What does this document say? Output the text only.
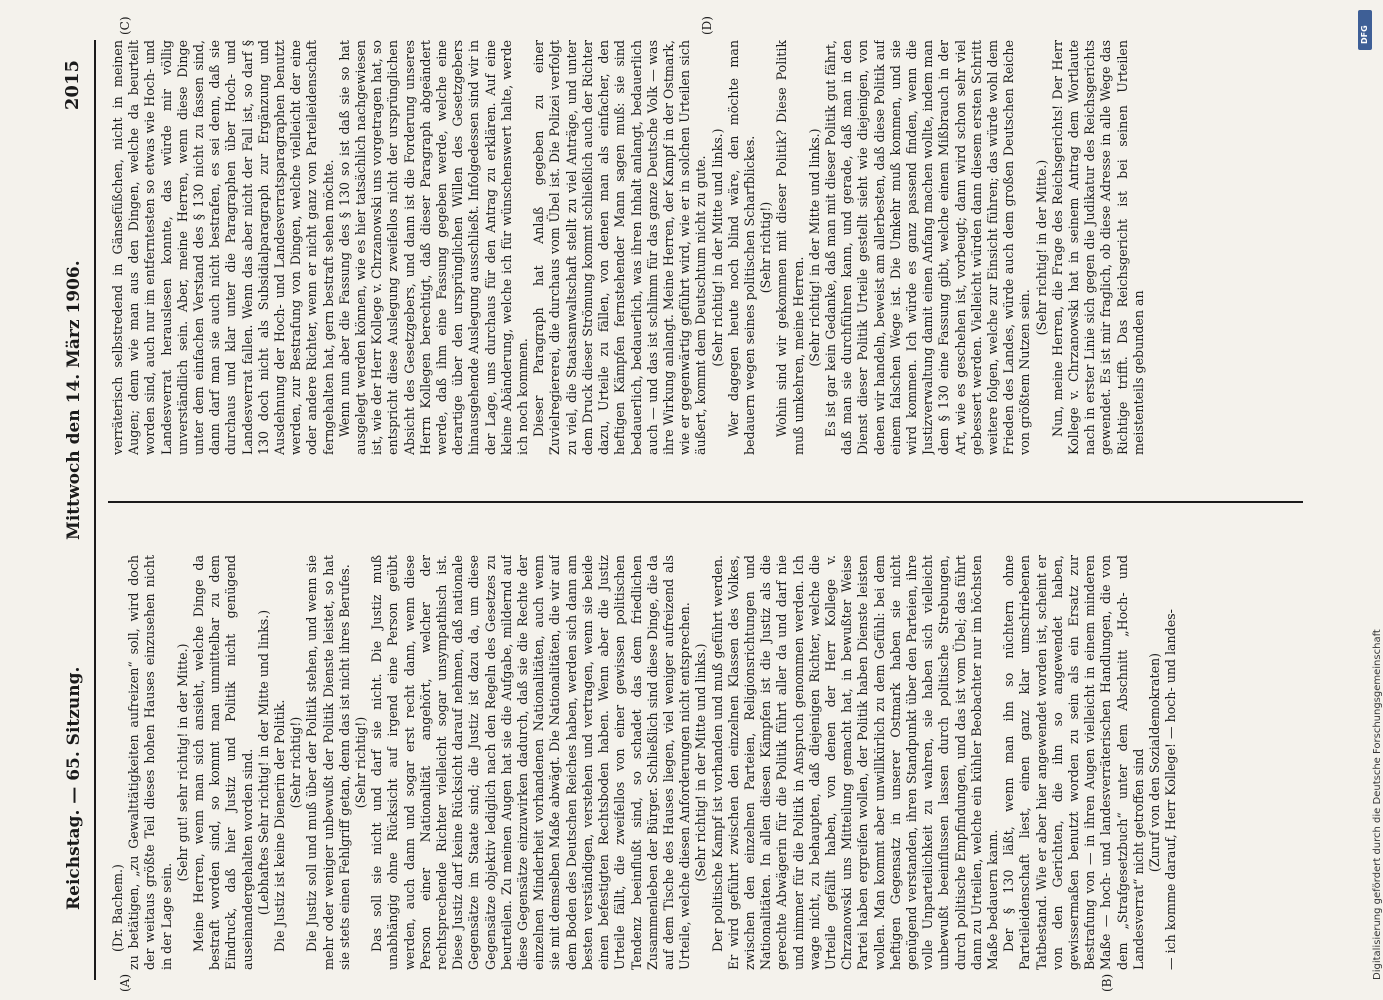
Reichstag. — 65. Sitzung.
Mittwoch den 14. März 1906.
2015
(A)	(B)
(C)	(D)

(Dr. Bachem.) zu betätigen, „zu Gewalttätigkeiten aufreizen“ soll, wird doch der weitaus größte Teil dieses hohen Hauses einzusehen nicht in der Lage sein.

(Sehr gut! sehr richtig! in der Mitte.) Meine Herren, wenn man sich ansieht, welche Dinge da bestraft worden sind, so kommt man unmittelbar zu dem Eindruck, daß hier Justiz und Politik nicht genügend auseinandergehalten worden sind. (Lebhaftes Sehr richtig! in der Mitte und links.) Die Justiz ist keine Dienerin der Politik. (Sehr richtig!) Die Justiz soll und muß über der Politik stehen, und wenn sie mehr oder weniger unbewußt der Politik Dienste leistet, so hat sie stets einen Fehlgriff getan, denn das ist nicht ihres Berufes. (Sehr richtig!) Das soll sie nicht und darf sie nicht. Die Justiz muß unabhängig ohne Rücksicht auf irgend eine Person geübt werden, auch dann und sogar erst recht dann, wenn diese Person einer Nationalität angehört, welcher der rechtsprechende Richter vielleicht sogar unsympathisch ist. Diese Justiz darf keine Rücksicht darauf nehmen, daß nationale Gegensätze im Staate sind; die Justiz ist dazu da, um diese Gegensätze objektiv lediglich nach den Regeln des Gesetzes zu beurteilen. Zu meinen Augen hat sie die Aufgabe, mildernd auf diese Gegensätze einzuwirken dadurch, daß sie die Rechte der einzelnen Minderheit vorhandenen Nationalitäten, auch wenn sie mit demselben Maße abwägt. Die Nationalitäten, die wir auf dem Boden des Deutschen Reiches haben, werden sich dann am besten verständigen, verstehen und vertragen, wenn sie beide einen befestigten Rechtsboden haben. Wenn aber die Justiz Urteile fällt, die zweifellos von einer gewissen politischen Tendenz beeinflußt sind, so schadet das dem friedlichen Zusammenleben der Bürger. Schließlich sind diese Dinge, die da auf dem Tische des Hauses liegen, viel weniger aufreizend als Urteile, welche diesen Anforderungen nicht entsprechen. (Sehr richtig! in der Mitte und links.) Der politische Kampf ist vorhanden und muß geführt werden. Er wird geführt zwischen den einzelnen Klassen des Volkes, zwischen den einzelnen Parteien, Religionsrichtungen und Nationalitäten. In allen diesen Kämpfen ist die Justiz als die gerechte Abwägerin für die Politik führt aller da und darf nie und nimmer für die Politik in Anspruch genommen werden. Ich wage nicht, zu behaupten, daß diejenigen Richter, welche die Urteile gefällt haben, von denen der Herr Kollege v. Chrzanowski uns Mitteilung gemacht hat, in bewußter Weise Partei haben ergreifen wollen, der Politik haben Dienste leisten wollen. Man kommt aber unwillkürlich zu dem Gefühl: bei dem heftigen Gegensatz in unserer Ostmark haben sie nicht genügend verstanden, ihren Standpunkt über den Parteien, ihre volle Unparteilichkeit zu wahren, sie haben sich vielleicht unbewußt beeinflussen lassen durch politische Strebungen, durch politische Empfindungen, und das ist vom Übel; das führt dann zu Urteilen, welche ein kühler Beobachter nur im höchsten Maße bedauern kann. Der § 130 läßt, wenn man ihn so nüchtern ohne Parteileidenschaft liest, einen ganz klar umschriebenen Tatbestand. Wie er aber hier angewendet worden ist, scheint er von den Gerichten, die ihn so angewendet haben, gewissermaßen benutzt worden zu sein als ein Ersatz zur Bestrafung von — in ihren Augen vielleicht in einem minderen Maße — hoch- und landesverräterischen Handlungen, die von dem „Strafgesetzbuch“ unter dem Abschnitt „Hoch- und Landesverrat“ nicht getroffen sind (Zuruf von den Sozialdemokraten) — ich komme darauf, Herr Kollege! — hoch- und landes-

verräterisch selbstredend in Gänsefüßchen, nicht in meinen Augen; denn wie man aus den Dingen, welche da beurteilt worden sind, auch nur im entferntesten so etwas wie Hoch- und Landesverrat herauslesen konnte, das würde mir völlig unverständlich sein. Aber, meine Herren, wenn diese Dinge unter dem einfachen Verstand des § 130 nicht zu fassen sind, dann darf man sie auch nicht bestrafen, es sei denn, daß sie durchaus und klar unter die Paragraphen über Hoch- und Landesverrat fallen. Wenn das aber nicht der Fall ist, so darf § 130 doch nicht als Subsidialparagraph zur Ergänzung und Ausdehnung der Hoch- und Landesverratsparagraphen benutzt werden, zur Bestrafung von Dingen, welche vielleicht der eine oder andere Richter, wenn er nicht ganz von Parteileidenschaft ferngehalten hat, gern bestraft sehen möchte. Wenn nun aber die Fassung des § 130 so ist daß sie so hat ausgelegt werden können, wie es hier tatsächlich nachgewiesen ist, wie der Herr Kollege v. Chrzanowski uns vorgetragen hat, so entspricht diese Auslegung zweifellos nicht der ursprünglichen Absicht des Gesetzgebers, und dann ist die Forderung unseres Herrn Kollegen berechtigt, daß dieser Paragraph abgeändert werde, daß ihm eine Fassung gegeben werde, welche eine derartige über den ursprünglichen Willen des Gesetzgebers hinausgehende Auslegung ausschließt. Infolgedessen sind wir in der Lage, uns durchaus für den Antrag zu erklären. Auf eine kleine Abänderung, welche ich für wünschenswert halte, werde ich noch kommen. Dieser Paragraph hat Anlaß gegeben zu einer Zuvielregiererei, die durchaus vom Übel ist. Die Polizei verfolgt zu viel, die Staatsanwaltschaft stellt zu viel Anträge, und unter dem Druck dieser Strömung kommt schließlich auch der Richter dazu, Urteile zu fällen, von denen man als einfacher, den heftigen Kämpfen fernstehender Mann sagen muß: sie sind bedauerlich, bedauerlich, was ihren Inhalt anlangt, bedauerlich auch — und das ist schlimm für das ganze Deutsche Volk — was ihre Wirkung anlangt. Meine Herren, der Kampf in der Ostmark, wie er gegenwärtig geführt wird, wie er in solchen Urteilen sich äußert, kommt dem Deutschtum nicht zu gute. (Sehr richtig! in der Mitte und links.) Wer dagegen heute noch blind wäre, den möchte man bedauern wegen seines politischen Scharfblickes. (Sehr richtig!) Wohin sind wir gekommen mit dieser Politik? Diese Politik muß umkehren, meine Herren. (Sehr richtig! in der Mitte und links.) Es ist gar kein Gedanke, daß man mit dieser Politik gut fährt, daß man sie durchführen kann, und gerade, daß man in den Dienst dieser Politik Urteile gestellt sieht wie diejenigen, von denen wir handeln, beweist am allerbesten, daß diese Politik auf einem falschen Wege ist. Die Umkehr muß kommen, und sie wird kommen. Ich würde es ganz passend finden, wenn die Justizverwaltung damit einen Anfang machen wollte, indem man dem § 130 eine Fassung gibt, welche einem Mißbrauch in der Art, wie es geschehen ist, vorbeugt; dann wird schon sehr viel gebessert werden. Vielleicht würden dann diesem ersten Schritt weitere folgen, welche zur Einsicht führen; das würde wohl dem Frieden des Landes, würde auch dem großen Deutschen Reiche von größtem Nutzen sein.

(Sehr richtig! in der Mitte.) Nun, meine Herren, die Frage des Reichsgerichts! Der Herr Kollege v. Chrzanowski hat in seinem Antrag dem Wortlaute nach in erster Linie sich gegen die Judikatur des Reichsgerichts gewendet. Es ist mir fraglich, ob diese Adresse in alle Wege das Richtige trifft. Das Reichsgericht ist bei seinen Urteilen meistenteils gebunden an

Digitalisierung gefördert durch die Deutsche Forschungsgemeinschaft
DFG
